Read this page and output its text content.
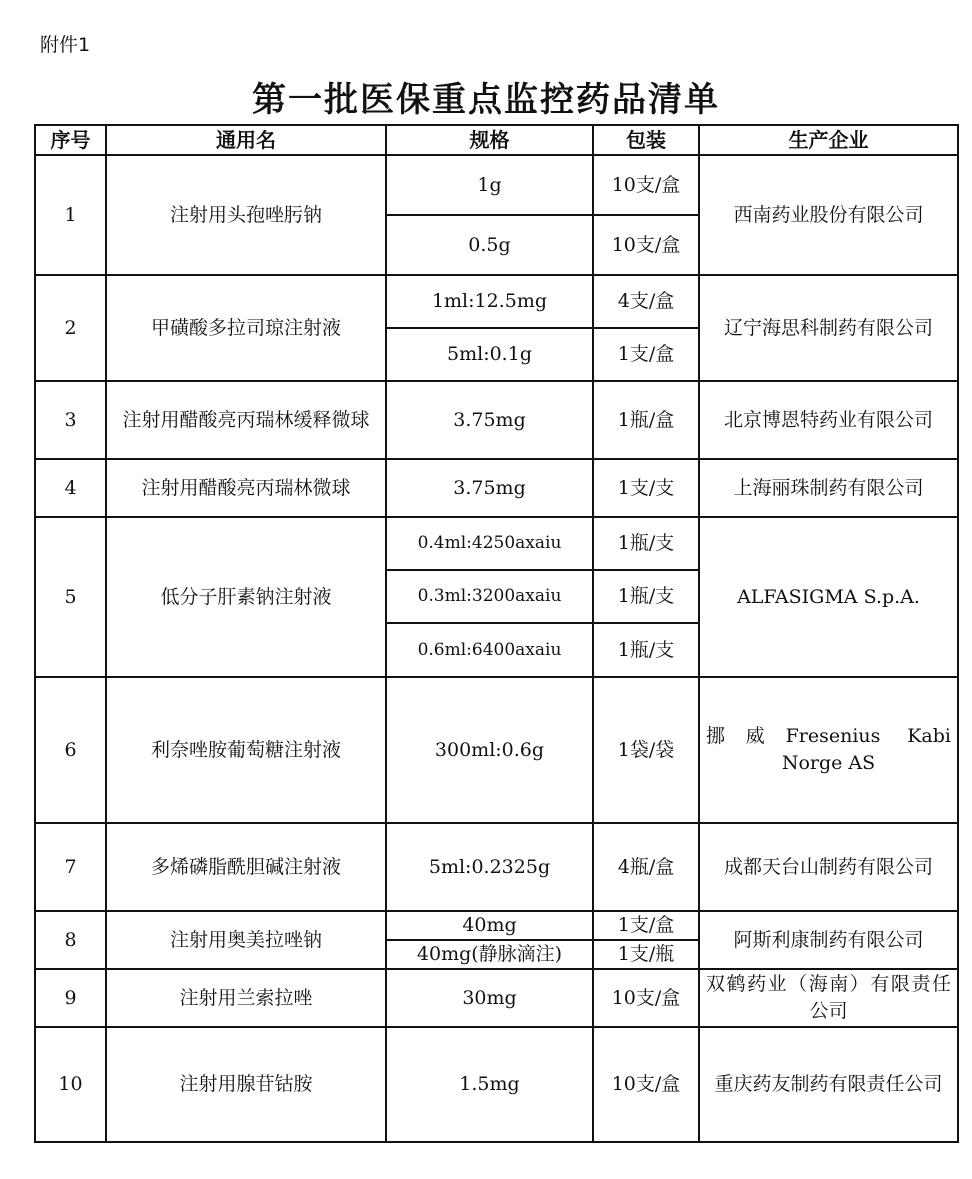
附件1
第一批医保重点监控药品清单
序号	通用名	规格	包装	生产企业
1	注射用头孢唑肟钠	1g	10支/盒	西南药业股份有限公司
		0.5g	10支/盒	
2	甲磺酸多拉司琼注射液	1ml:12.5mg	4支/盒	辽宁海思科制药有限公司
		5ml:0.1g	1支/盒	
3	注射用醋酸亮丙瑞林缓释微球	3.75mg	1瓶/盒	北京博恩特药业有限公司
4	注射用醋酸亮丙瑞林微球	3.75mg	1支/支	上海丽珠制药有限公司
5	低分子肝素钠注射液	0.4ml:4250axaiu	1瓶/支	ALFASIGMA S.p.A.
		0.3ml:3200axaiu	1瓶/支	
		0.6ml:6400axaiu	1瓶/支	
6	利奈唑胺葡萄糖注射液	300ml:0.6g	1袋/袋	挪威Fresenius Kabi Norge AS
7	多烯磷脂酰胆碱注射液	5ml:0.2325g	4瓶/盒	成都天台山制药有限公司
8	注射用奥美拉唑钠	40mg	1支/盒	阿斯利康制药有限公司
		40mg(静脉滴注)	1支/瓶	
9	注射用兰索拉唑	30mg	10支/盒	双鹤药业（海南）有限责任公司
10	注射用腺苷钴胺	1.5mg	10支/盒	重庆药友制药有限责任公司
